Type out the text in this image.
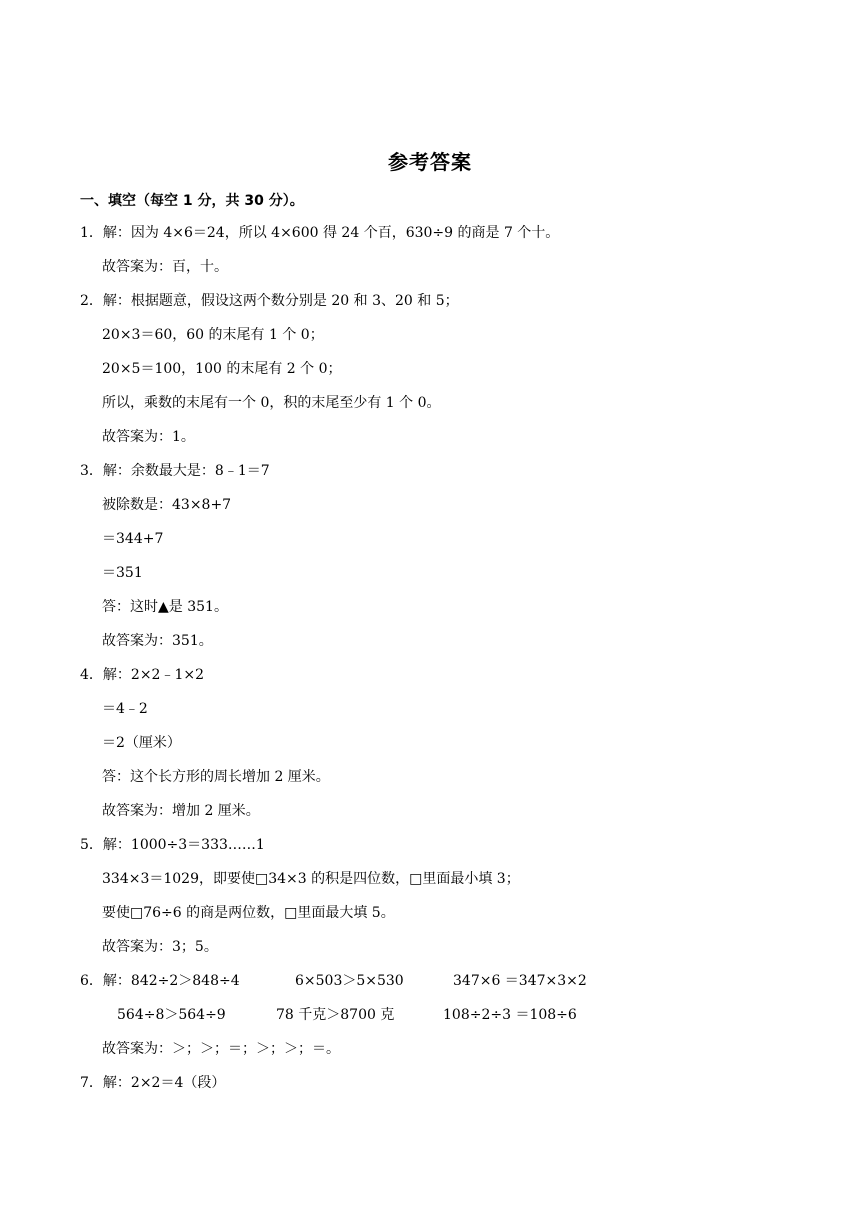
参考答案
一、填空（每空 1 分，共 30 分）。
1．解：因为 4×6＝24，所以 4×600 得 24 个百，630÷9 的商是 7 个十。
故答案为：百，十。
2．解：根据题意，假设这两个数分别是 20 和 3、20 和 5；
20×3＝60，60 的末尾有 1 个 0；
20×5＝100，100 的末尾有 2 个 0；
所以，乘数的末尾有一个 0，积的末尾至少有 1 个 0。
故答案为：1。
3．解：余数最大是：8﹣1＝7
被除数是：43×8+7
＝344+7
＝351
答：这时▲是 351。
故答案为：351。
4．解：2×2﹣1×2
＝4﹣2
＝2（厘米）
答：这个长方形的周长增加 2 厘米。
故答案为：增加 2 厘米。
5．解：1000÷3＝333……1
334×3＝1029，即要使□34×3 的积是四位数，□里面最小填 3；
要使□76÷6 的商是两位数，□里面最大填 5。
故答案为：3；5。
6．解：842÷2＞848÷4	6×503＞5×530	347×6 ＝347×3×2
564÷8＞564÷9	78 千克＞8700 克	108÷2÷3 ＝108÷6
故答案为：＞；＞；＝；＞；＞；＝。
7．解：2×2＝4（段）
